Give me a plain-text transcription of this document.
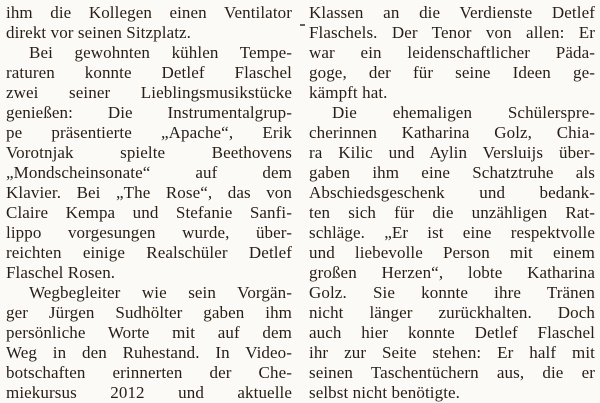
ihm die Kollegen einen Ventilator
direkt vor seinen Sitzplatz.
Bei gewohnten kühlen Tempe-
raturen konnte Detlef Flaschel
zwei seiner Lieblingsmusikstücke
genießen: Die Instrumentalgrup-
pe präsentierte „Apache“, Erik
Vorotnjak spielte Beethovens
„Mondscheinsonate“ auf dem
Klavier. Bei „The Rose“, das von
Claire Kempa und Stefanie Sanfi-
lippo vorgesungen wurde, über-
reichten einige Realschüler Detlef
Flaschel Rosen.
Wegbegleiter wie sein Vorgän-
ger Jürgen Sudhölter gaben ihm
persönliche Worte mit auf dem
Weg in den Ruhestand. In Video-
botschaften erinnerten der Che-
miekursus 2012 und aktuelle
Klassen an die Verdienste Detlef
Flaschels. Der Tenor von allen: Er
war ein leidenschaftlicher Päda-
goge, der für seine Ideen ge-
kämpft hat.
Die ehemaligen Schülerspre-
cherinnen Katharina Golz, Chia-
ra Kilic und Aylin Versluijs über-
gaben ihm eine Schatztruhe als
Abschiedsgeschenk und bedank-
ten sich für die unzähligen Rat-
schläge. „Er ist eine respektvolle
und liebevolle Person mit einem
großen Herzen“, lobte Katharina
Golz. Sie konnte ihre Tränen
nicht länger zurückhalten. Doch
auch hier konnte Detlef Flaschel
ihr zur Seite stehen: Er half mit
seinen Taschentüchern aus, die er
selbst nicht benötigte.
